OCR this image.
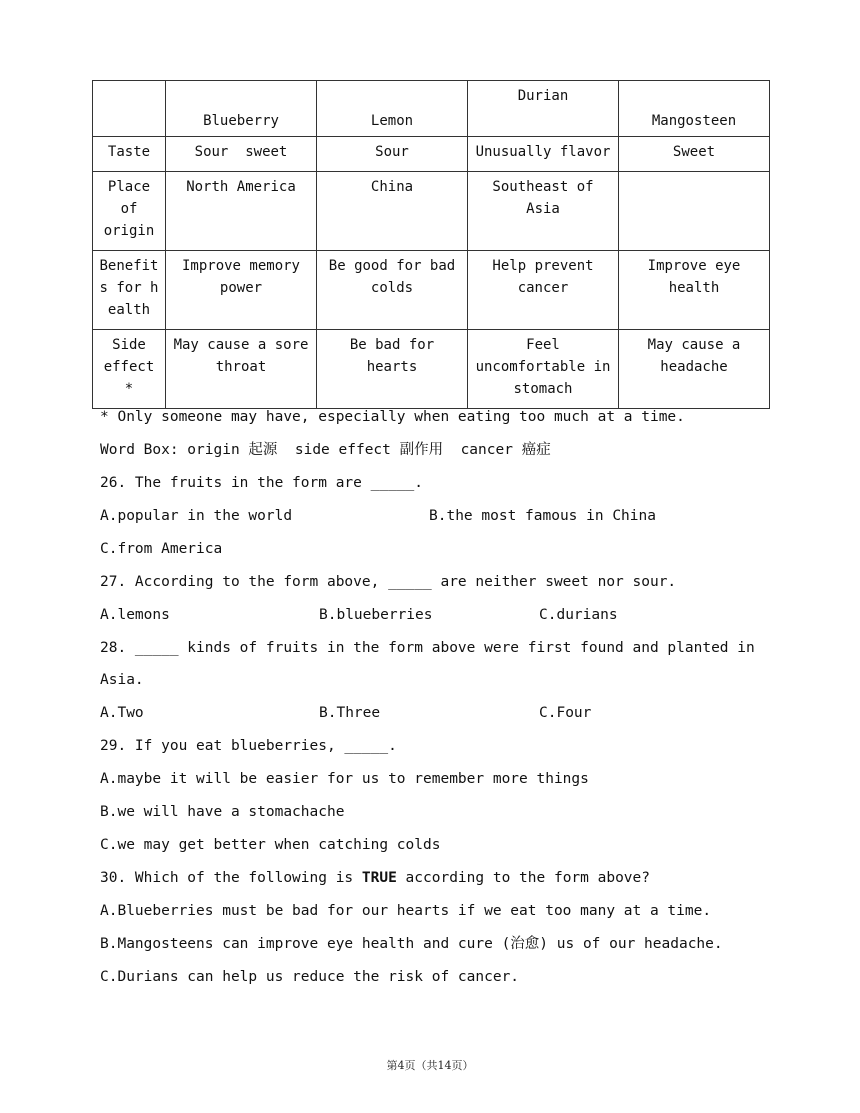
	Blueberry	Lemon	Durian	Mangosteen
Taste	Sour  sweet	Sour	Unusually flavor	Sweet
Place of origin	North America	China	Southeast of Asia	
Benefits for health	Improve memory power	Be good for bad colds	Help prevent cancer	Improve eye health
Side effect *	May cause a sore throat	Be bad for hearts	Feel uncomfortable in stomach	May cause a headache
* Only someone may have, especially when eating too much at a time.
Word Box: origin 起源  side effect 副作用  cancer 癌症
26. The fruits in the form are _____.
A.popular in the world	B.the most famous in China
C.from America
27. According to the form above, _____ are neither sweet nor sour.
A.lemons	B.blueberries	C.durians
28. _____ kinds of fruits in the form above were first found and planted in
Asia.
A.Two	B.Three	C.Four
29. If you eat blueberries, _____.
A.maybe it will be easier for us to remember more things
B.we will have a stomachache
C.we may get better when catching colds
30. Which of the following is TRUE according to the form above?
A.Blueberries must be bad for our hearts if we eat too many at a time.
B.Mangosteens can improve eye health and cure (治愈) us of our headache.
C.Durians can help us reduce the risk of cancer.
第4页（共14页）
